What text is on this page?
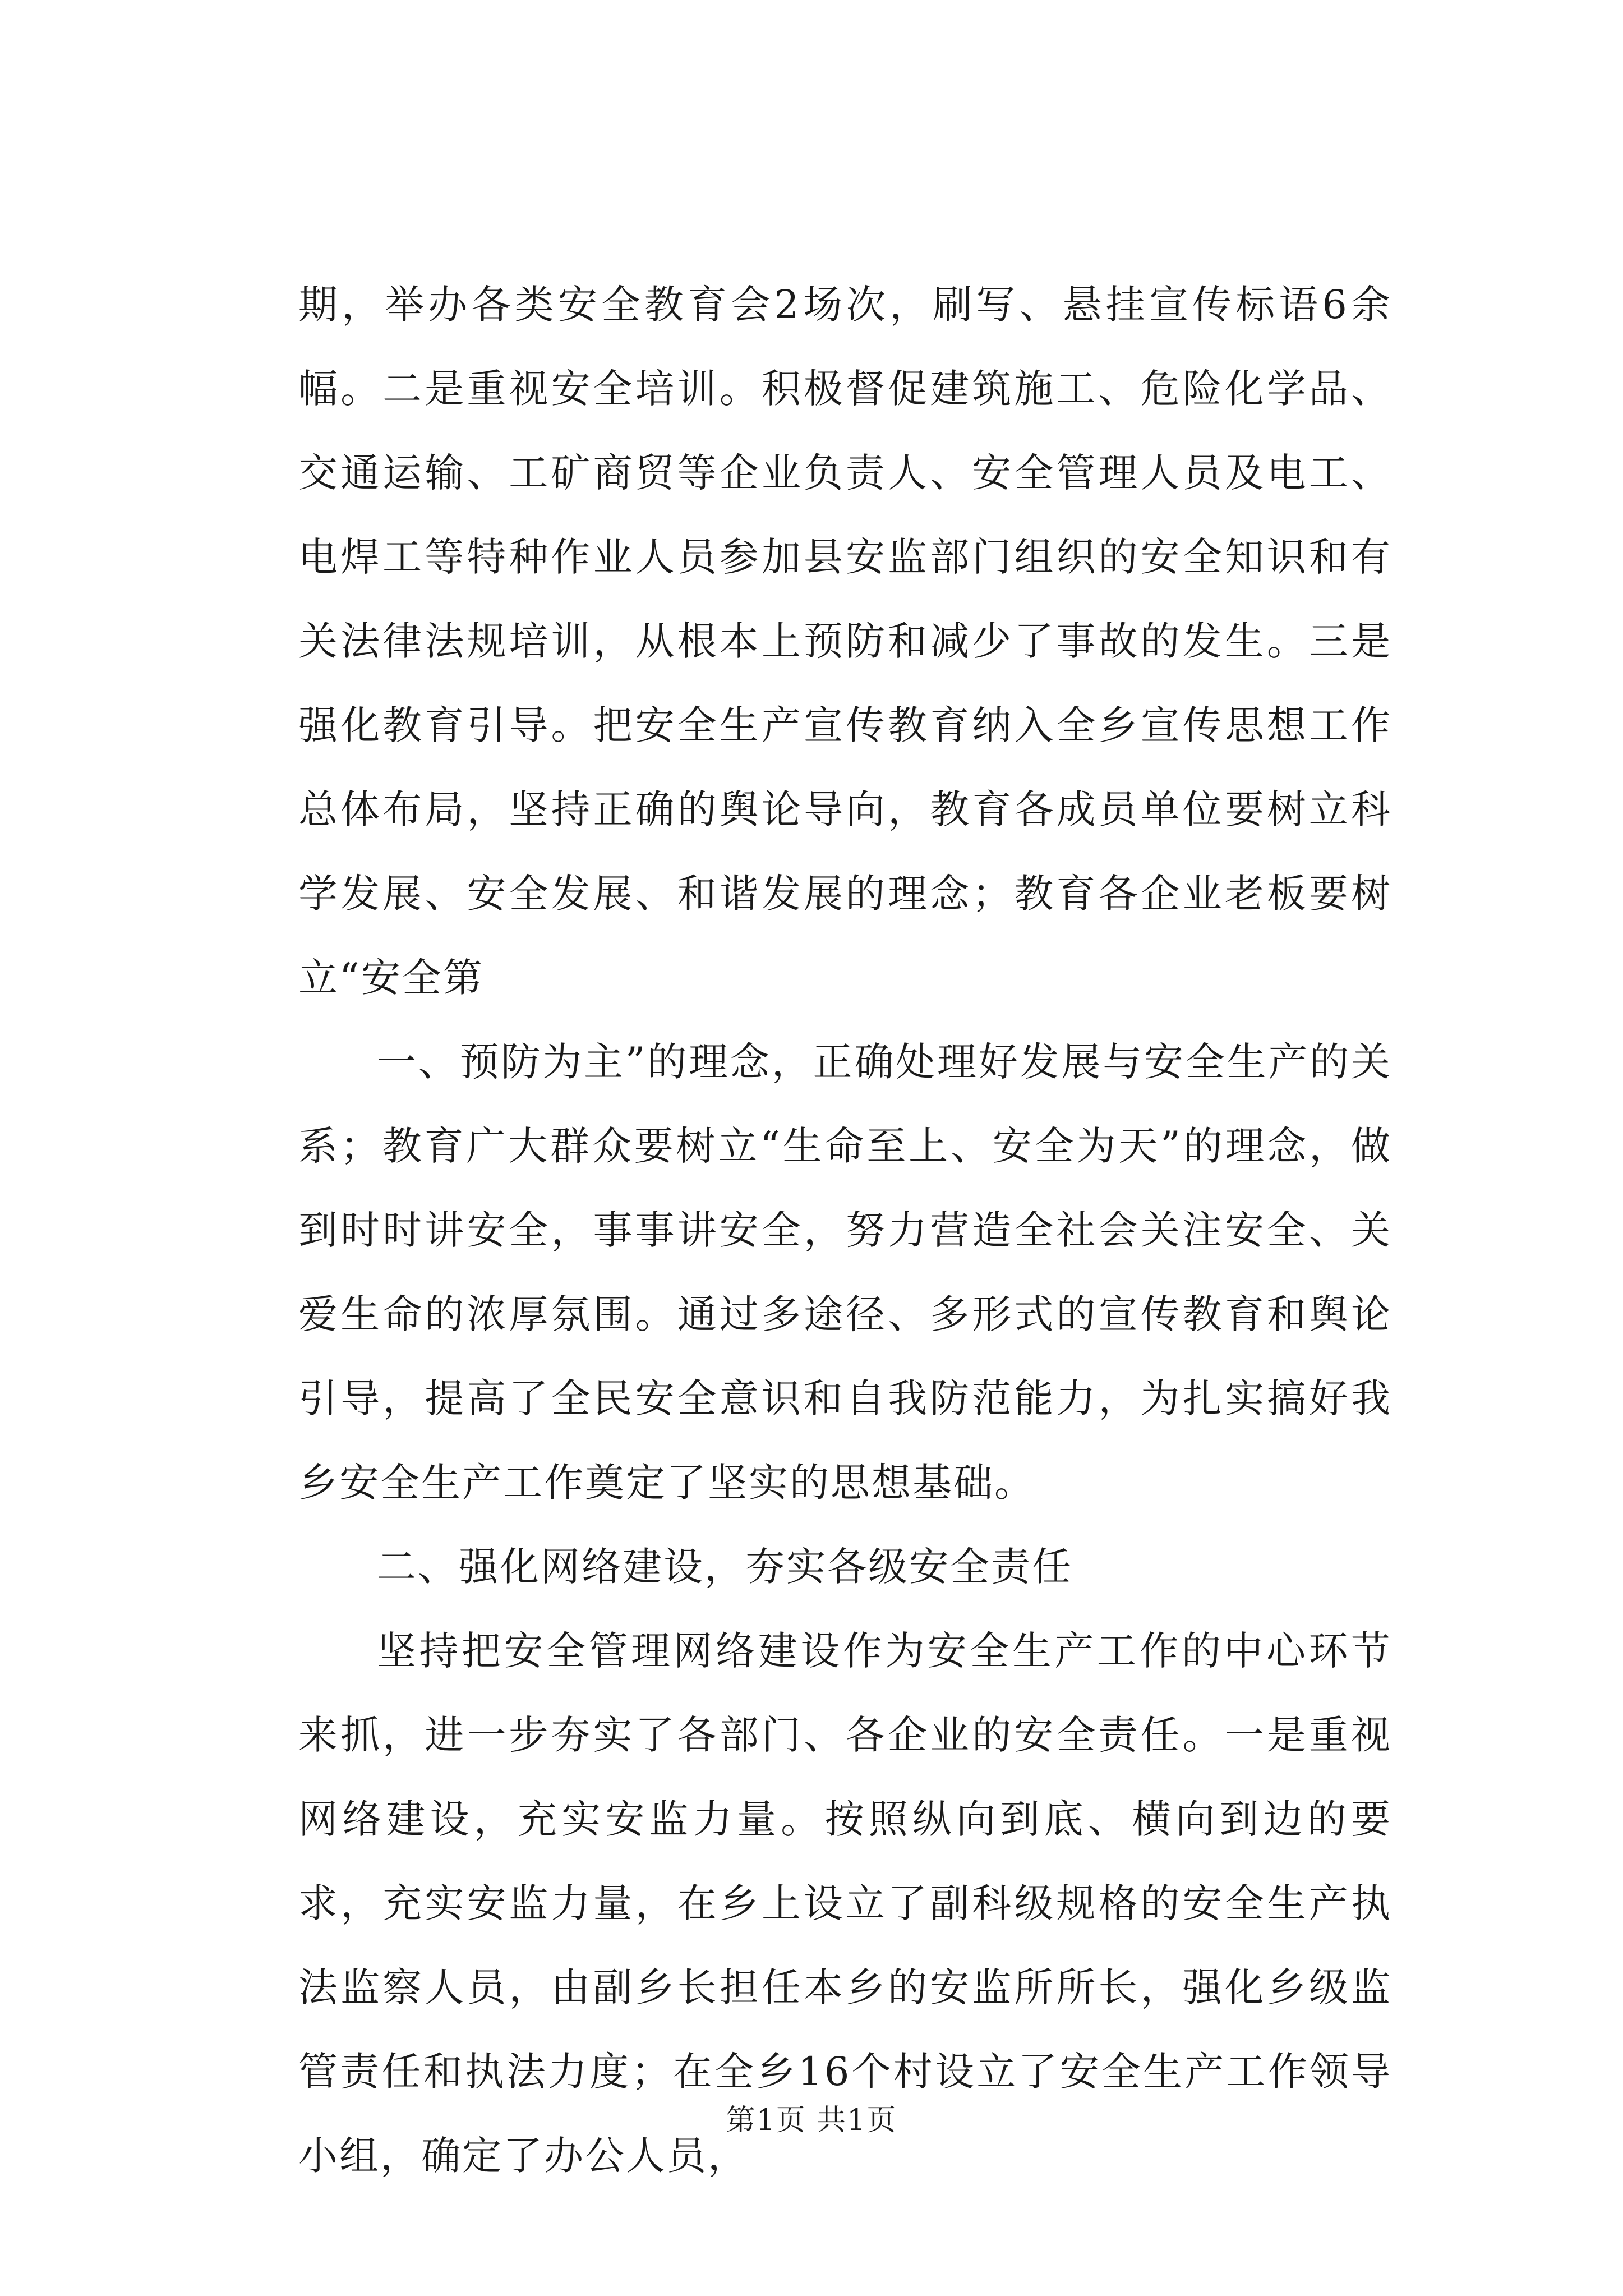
期，举办各类安全教育会2场次，刷写、悬挂宣传标语6余幅。二是重视安全培训。积极督促建筑施工、危险化学品、交通运输、工矿商贸等企业负责人、安全管理人员及电工、电焊工等特种作业人员参加县安监部门组织的安全知识和有关法律法规培训，从根本上预防和减少了事故的发生。三是强化教育引导。把安全生产宣传教育纳入全乡宣传思想工作总体布局，坚持正确的舆论导向，教育各成员单位要树立科学发展、安全发展、和谐发展的理念；教育各企业老板要树立“安全第

一、预防为主”的理念，正确处理好发展与安全生产的关系；教育广大群众要树立“生命至上、安全为天”的理念，做到时时讲安全，事事讲安全，努力营造全社会关注安全、关爱生命的浓厚氛围。通过多途径、多形式的宣传教育和舆论引导，提高了全民安全意识和自我防范能力，为扎实搞好我乡安全生产工作奠定了坚实的思想基础。

二、强化网络建设，夯实各级安全责任

坚持把安全管理网络建设作为安全生产工作的中心环节来抓，进一步夯实了各部门、各企业的安全责任。一是重视网络建设，充实安监力量。按照纵向到底、横向到边的要求，充实安监力量，在乡上设立了副科级规格的安全生产执法监察人员，由副乡长担任本乡的安监所所长，强化乡级监管责任和执法力度；在全乡16个村设立了安全生产工作领导小组，确定了办公人员，

第1页 共1页
